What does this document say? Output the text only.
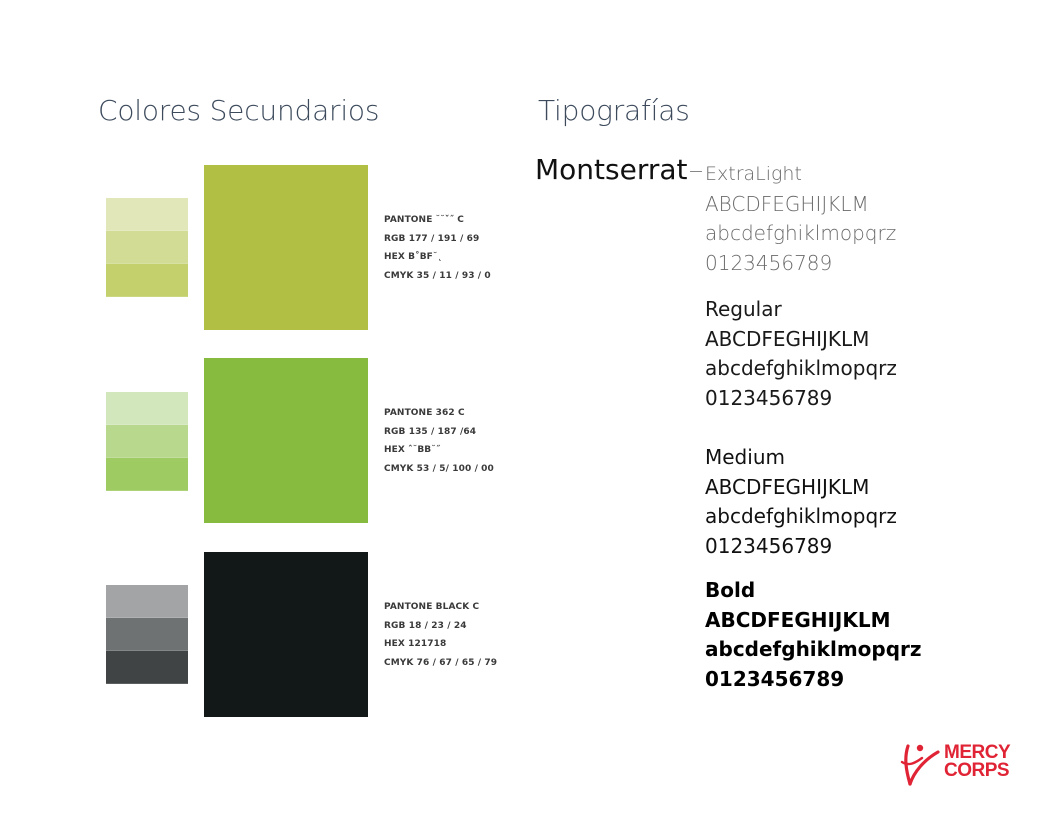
Colores Secundarios	Tipografías
PANTONE ˘˘ˇ˝ C
RGB 177 / 191 / 69
HEX B˚BF˘˛
CMYK 35 / 11 / 93 / 0
PANTONE 362 C
RGB 135 / 187 /64
HEX ˆ˘BB˘˝
CMYK 53 / 5/ 100 / 00
PANTONE BLACK C
RGB 18 / 23 / 24
HEX 121718
CMYK 76 / 67 / 65 / 79
Montserrat ExtraLight
ABCDFEGHIJKLM
abcdefghiklmopqrz
0123456789
Regular
ABCDFEGHIJKLM
abcdefghiklmopqrz
0123456789
Medium
ABCDFEGHIJKLM
abcdefghiklmopqrz
0123456789
Bold
ABCDFEGHIJKLM
abcdefghiklmopqrz
0123456789
MERCY
CORPS
